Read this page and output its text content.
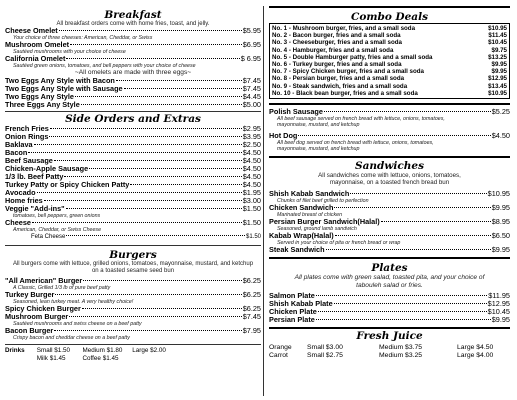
Breakfast

All breakfast orders come with home fries, toast, and jelly.
Cheese Omelet	$5.95
Your choice of three cheeses: American, Cheddar, or Swiss
Mushroom Omelet	$6.95
Sautéed mushrooms with your choice of cheese
California Omelet	$ 6.95
Sautéed green onions, tomatoes, and bell peppers with your choice of cheese
~All omelets are made with three eggs~
Two Eggs Any Style with Bacon	$7.45
Two Eggs Any Style with Sausage	$7.45
Two Eggs Any Style	$4.45
Three Eggs Any Style	$5.00

Side Orders and Extras

French Fries	$2.95
Onion Rings	$3.95
Baklava	$2.50
Bacon	$4.50
Beef Sausage	$4.50
Chicken-Apple Sausage	$4.50
1/3 lb. Beef Patty	$4.50
Turkey Patty or Spicy Chicken Patty	$4.50
Avocado	$1.95
Home fries	$3.00
Veggie "Add-ins"	$1.50
tomatoes, bell peppers, green onions
Cheese	$1.50
American, Cheddar, or Swiss Cheese
Feta Cheese	$1.50

Burgers

All burgers come with lettuce, grilled onions, tomatoes, mayonnaise, mustard, and ketchup on a toasted sesame seed bun
"All American" Burger	$6.25
A Classic, Grilled 1/3 lb of pure beef patty
Turkey Burger	$6.25
Seasoned, lean turkey meat. A very healthy choice!
Spicy Chicken Burger	$6.25
Mushroom Burger	$7.45
Sautéed mushrooms and swiss cheese on a beef patty
Bacon Burger	$7.95
Crispy bacon and cheddar cheese on a beef patty
Drinks Small $1.50 Medium $1.80 Large $2.00
Milk $1.45	Coffee $1.45

Combo Deals

No. 1 - Mushroom burger, fries, and a small soda	$10.95
No. 2 - Bacon burger, fries and a small soda	$11.45
No. 3 - Cheeseburger, fries and a small soda	$10.45
No. 4 - Hamburger, fries and a small soda	$9.75
No. 5 - Double Hamburger patty, fries and a small soda	$13.25
No. 6 - Turkey burger, fries and a small soda	$9.95
No. 7 - Spicy Chicken burger, fries and a small soda	$9.95
No. 8 - Persian burger, fries and a small soda	$12.95
No. 9 - Steak sandwich, fries and a small soda	$13.45
No. 10 - Black bean burger, fries and a small soda	$10.95
Polish Sausage	$5.25
All beef sausage served on french bread with lettuce, onions, tomatoes,
mayonnaise, mustard, and ketchup
Hot Dog	$4.50
All beef dog served on french bread with lettuce, onions, tomatoes,
mayonnaise, mustard, and ketchup

Sandwiches

All sandwiches come with lettuce, onions, tomatoes,
mayonnaise, on a toasted french bread bun
Shish Kabab Sandwich	$10.95
Chunks of filet beef grilled to perfection
Chicken Sandwich	$9.95
Marinated breast of chicken
Persian Burger Sandwich(Halal)	$8.95
Seasoned, ground lamb sandwich
Kabab Wrap(Halal)	$6.50
Served in your choice of pita or french bread or wrap
Steak Sandwich	$9.95

Plates

All plates come with green salad, toasted pita, and your choice of
tabouleh salad or fries.
Salmon Plate	$11.95
Shish Kabab Plate	$12.95
Chicken Plate	$10.45
Persian Plate	$9.95

Fresh Juice

Orange	Small $3.00	Medium $3.75	Large $4.50
Carrot	Small $2.75	Medium $3.25	Large $4.00
